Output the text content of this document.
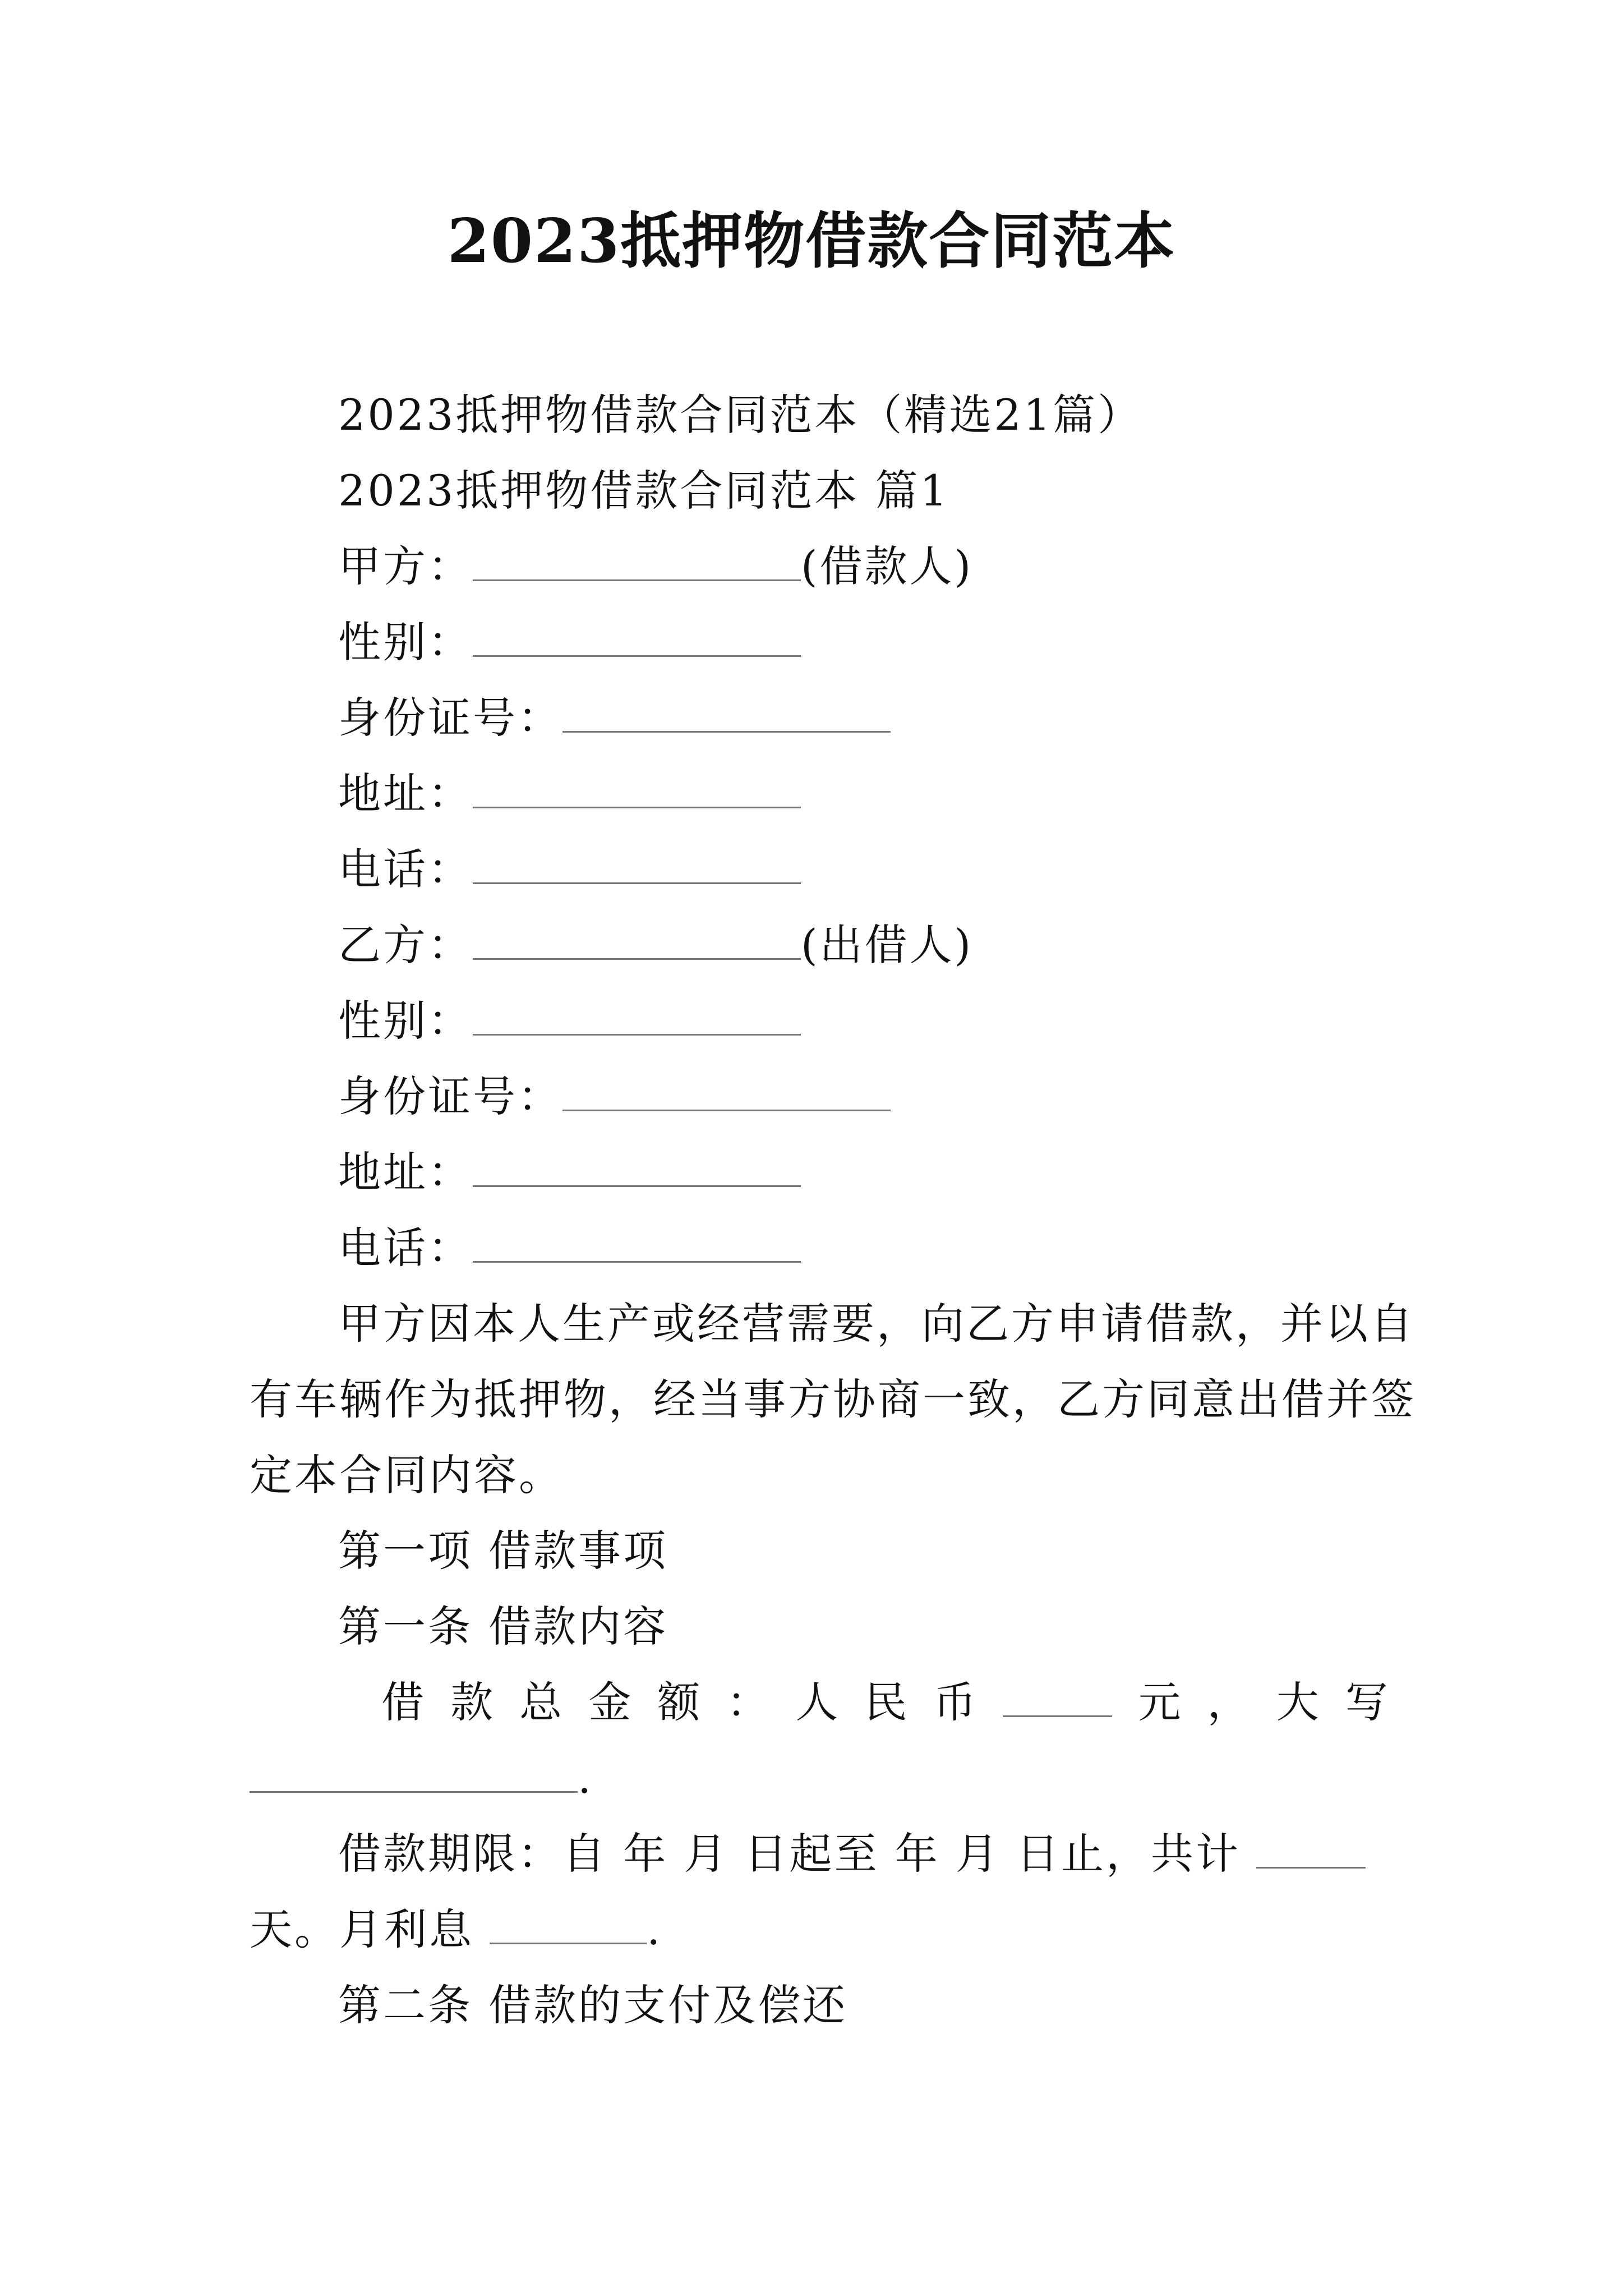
2023抵押物借款合同范本
2023抵押物借款合同范本（精选21篇）
2023抵押物借款合同范本 篇1
甲方：	(借款人)
性别：
身份证号：
地址：
电话：
乙方：	(出借人)
性别：
身份证号：
地址：
电话：
甲方因本人生产或经营需要，向乙方申请借款，并以自
有车辆作为抵押物，经当事方协商一致，乙方同意出借并签
定本合同内容。
第一项 借款事项
第一条 借款内容
借 款 总 金 额 ： 人 民 币	元 ， 大 写
.
借款期限：自 年 月 日起至 年 月 日止，共计
天。月利息	.
第二条 借款的支付及偿还
